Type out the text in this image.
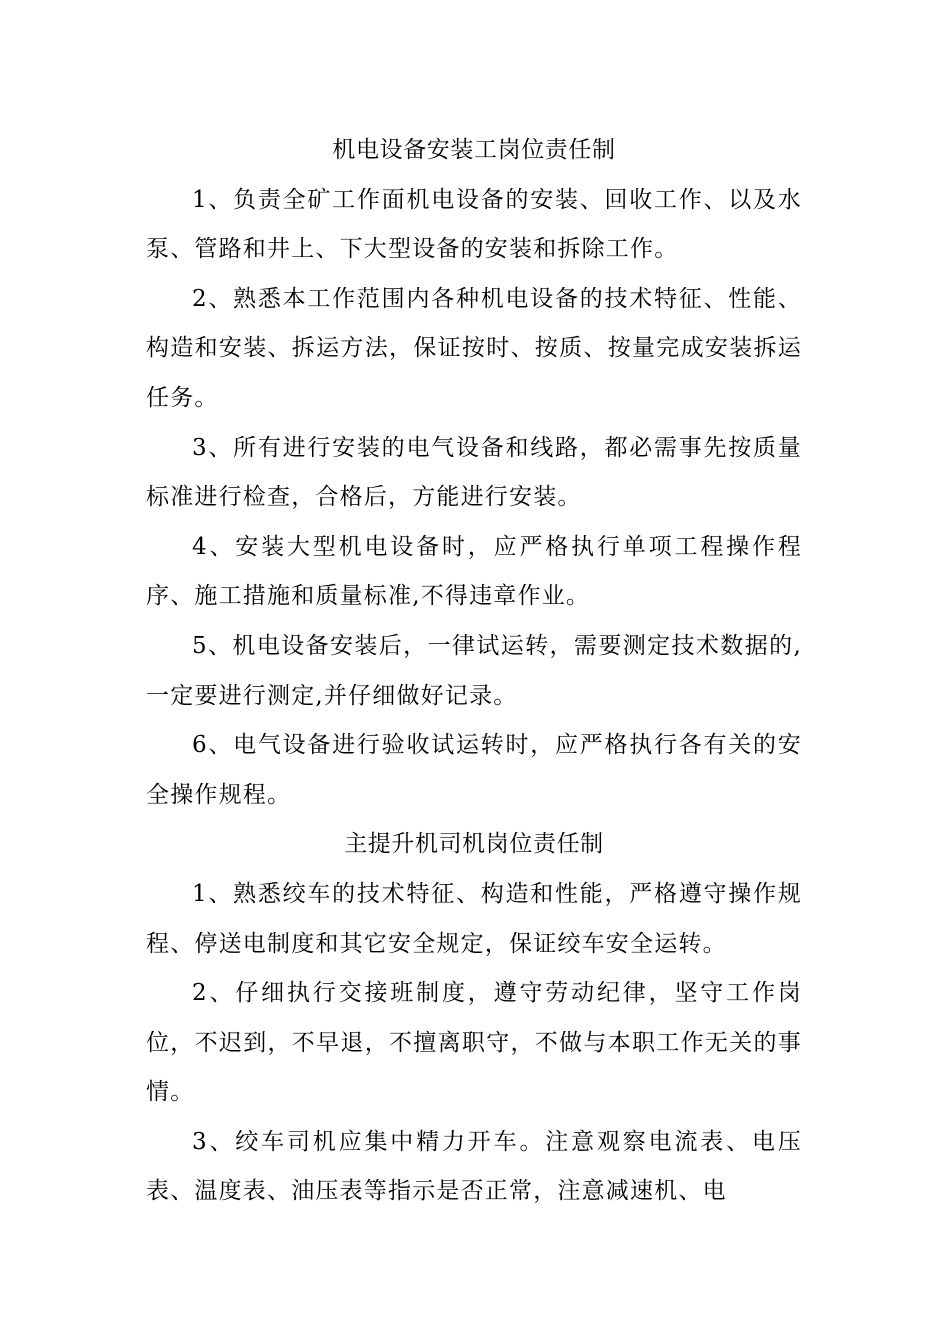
机电设备安装工岗位责任制

1、负责全矿工作面机电设备的安装、回收工作、以及水泵、管路和井上、下大型设备的安装和拆除工作。

2、熟悉本工作范围内各种机电设备的技术特征、性能、构造和安装、拆运方法，保证按时、按质、按量完成安装拆运任务。

3、所有进行安装的电气设备和线路，都必需事先按质量标准进行检查，合格后，方能进行安装。

4、安装大型机电设备时，应严格执行单项工程操作程序、施工措施和质量标准,不得违章作业。

5、机电设备安装后，一律试运转，需要测定技术数据的,一定要进行测定,并仔细做好记录。

6、电气设备进行验收试运转时，应严格执行各有关的安全操作规程。

主提升机司机岗位责任制

1、熟悉绞车的技术特征、构造和性能，严格遵守操作规程、停送电制度和其它安全规定，保证绞车安全运转。

2、仔细执行交接班制度，遵守劳动纪律，坚守工作岗位，不迟到，不早退，不擅离职守，不做与本职工作无关的事情。

3、绞车司机应集中精力开车。注意观察电流表、电压表、温度表、油压表等指示是否正常，注意减速机、电
